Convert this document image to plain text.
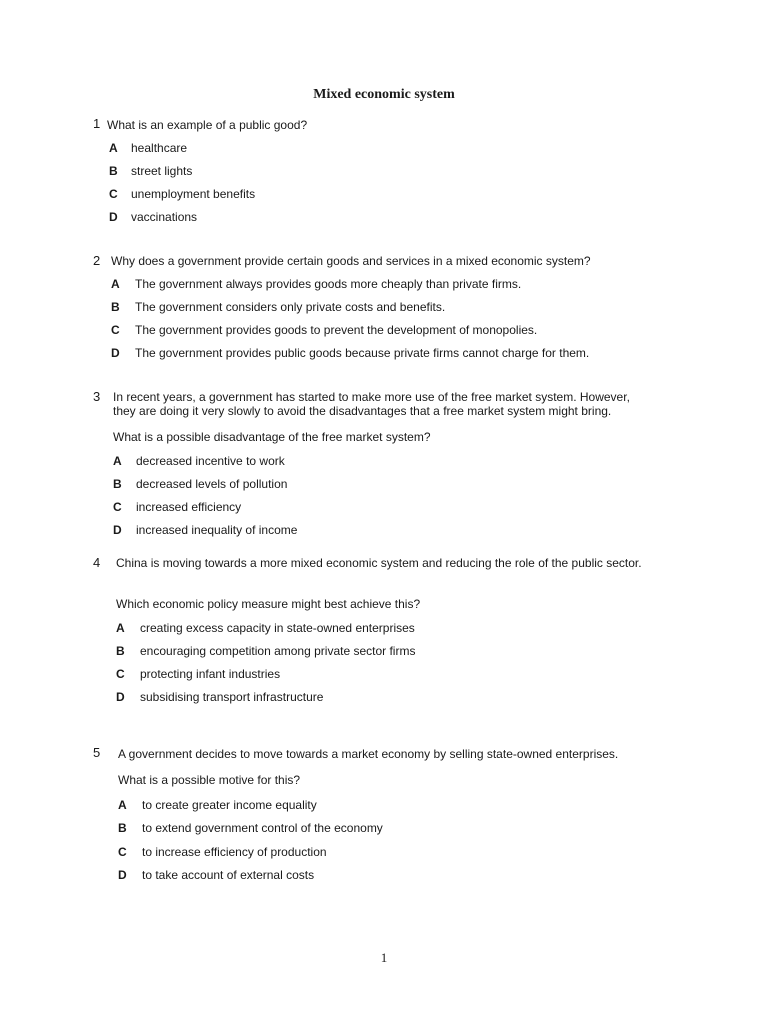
Mixed economic system
1 What is an example of a public good?

A healthcare
B street lights
C unemployment benefits
D vaccinations
2 Why does a government provide certain goods and services in a mixed economic system?

A The government always provides goods more cheaply than private firms.
B The government considers only private costs and benefits.
C The government provides goods to prevent the development of monopolies.
D The government provides public goods because private firms cannot charge for them.
3 In recent years, a government has started to make more use of the free market system. However, they are doing it very slowly to avoid the disadvantages that a free market system might bring.

What is a possible disadvantage of the free market system?

A decreased incentive to work
B decreased levels of pollution
C increased efficiency
D increased inequality of income
4 China is moving towards a more mixed economic system and reducing the role of the public sector.

Which economic policy measure might best achieve this?

A creating excess capacity in state-owned enterprises
B encouraging competition among private sector firms
C protecting infant industries
D subsidising transport infrastructure
5 A government decides to move towards a market economy by selling state-owned enterprises.

What is a possible motive for this?

A to create greater income equality
B to extend government control of the economy
C to increase efficiency of production
D to take account of external costs
1
